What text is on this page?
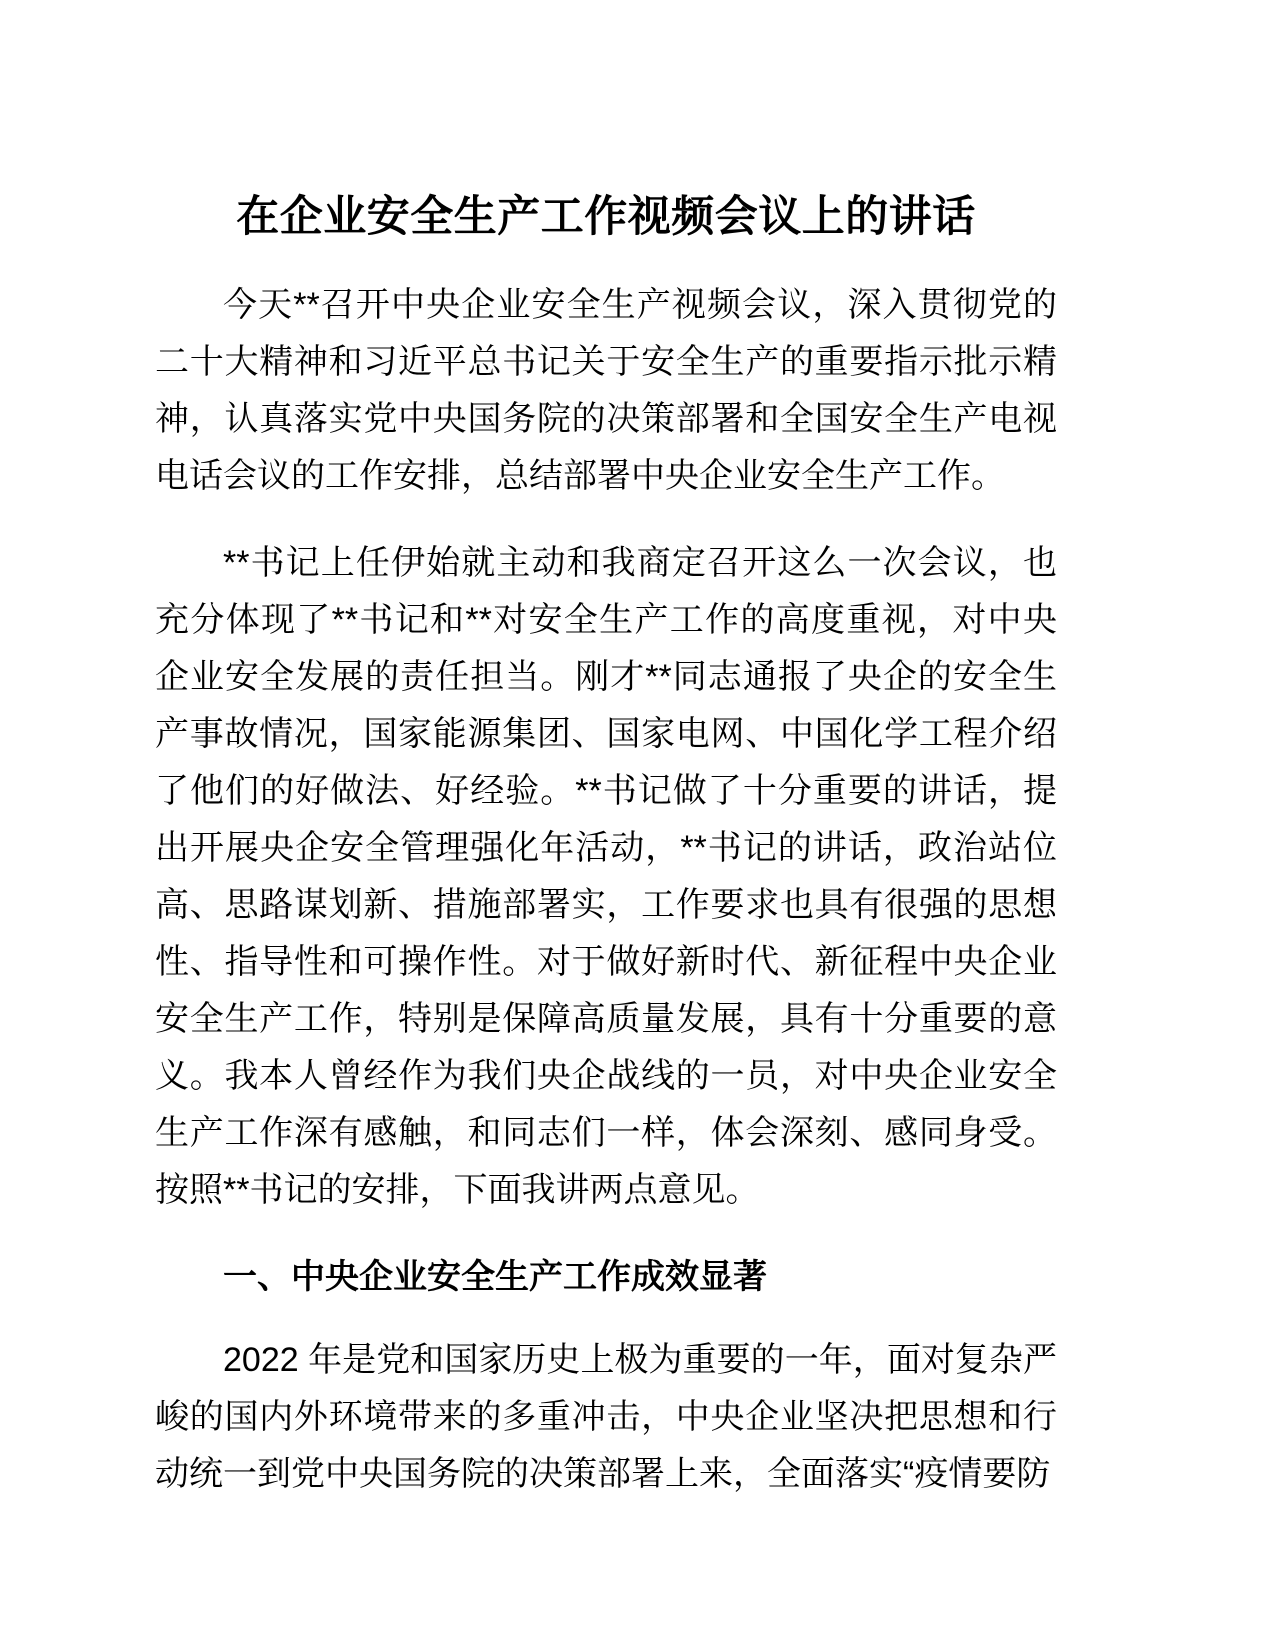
在企业安全生产工作视频会议上的讲话

今天**召开中央企业安全生产视频会议，深入贯彻党的二十大精神和习近平总书记关于安全生产的重要指示批示精神，认真落实党中央国务院的决策部署和全国安全生产电视电话会议的工作安排，总结部署中央企业安全生产工作。

**书记上任伊始就主动和我商定召开这么一次会议，也充分体现了**书记和**对安全生产工作的高度重视，对中央企业安全发展的责任担当。刚才**同志通报了央企的安全生产事故情况，国家能源集团、国家电网、中国化学工程介绍了他们的好做法、好经验。**书记做了十分重要的讲话，提出开展央企安全管理强化年活动，**书记的讲话，政治站位高、思路谋划新、措施部署实，工作要求也具有很强的思想性、指导性和可操作性。对于做好新时代、新征程中央企业安全生产工作，特别是保障高质量发展，具有十分重要的意义。我本人曾经作为我们央企战线的一员，对中央企业安全生产工作深有感触，和同志们一样，体会深刻、感同身受。按照**书记的安排，下面我讲两点意见。

一、中央企业安全生产工作成效显著

2022 年是党和国家历史上极为重要的一年，面对复杂严峻的国内外环境带来的多重冲击，中央企业坚决把思想和行动统一到党中央国务院的决策部署上来，全面落实“疫情要防
